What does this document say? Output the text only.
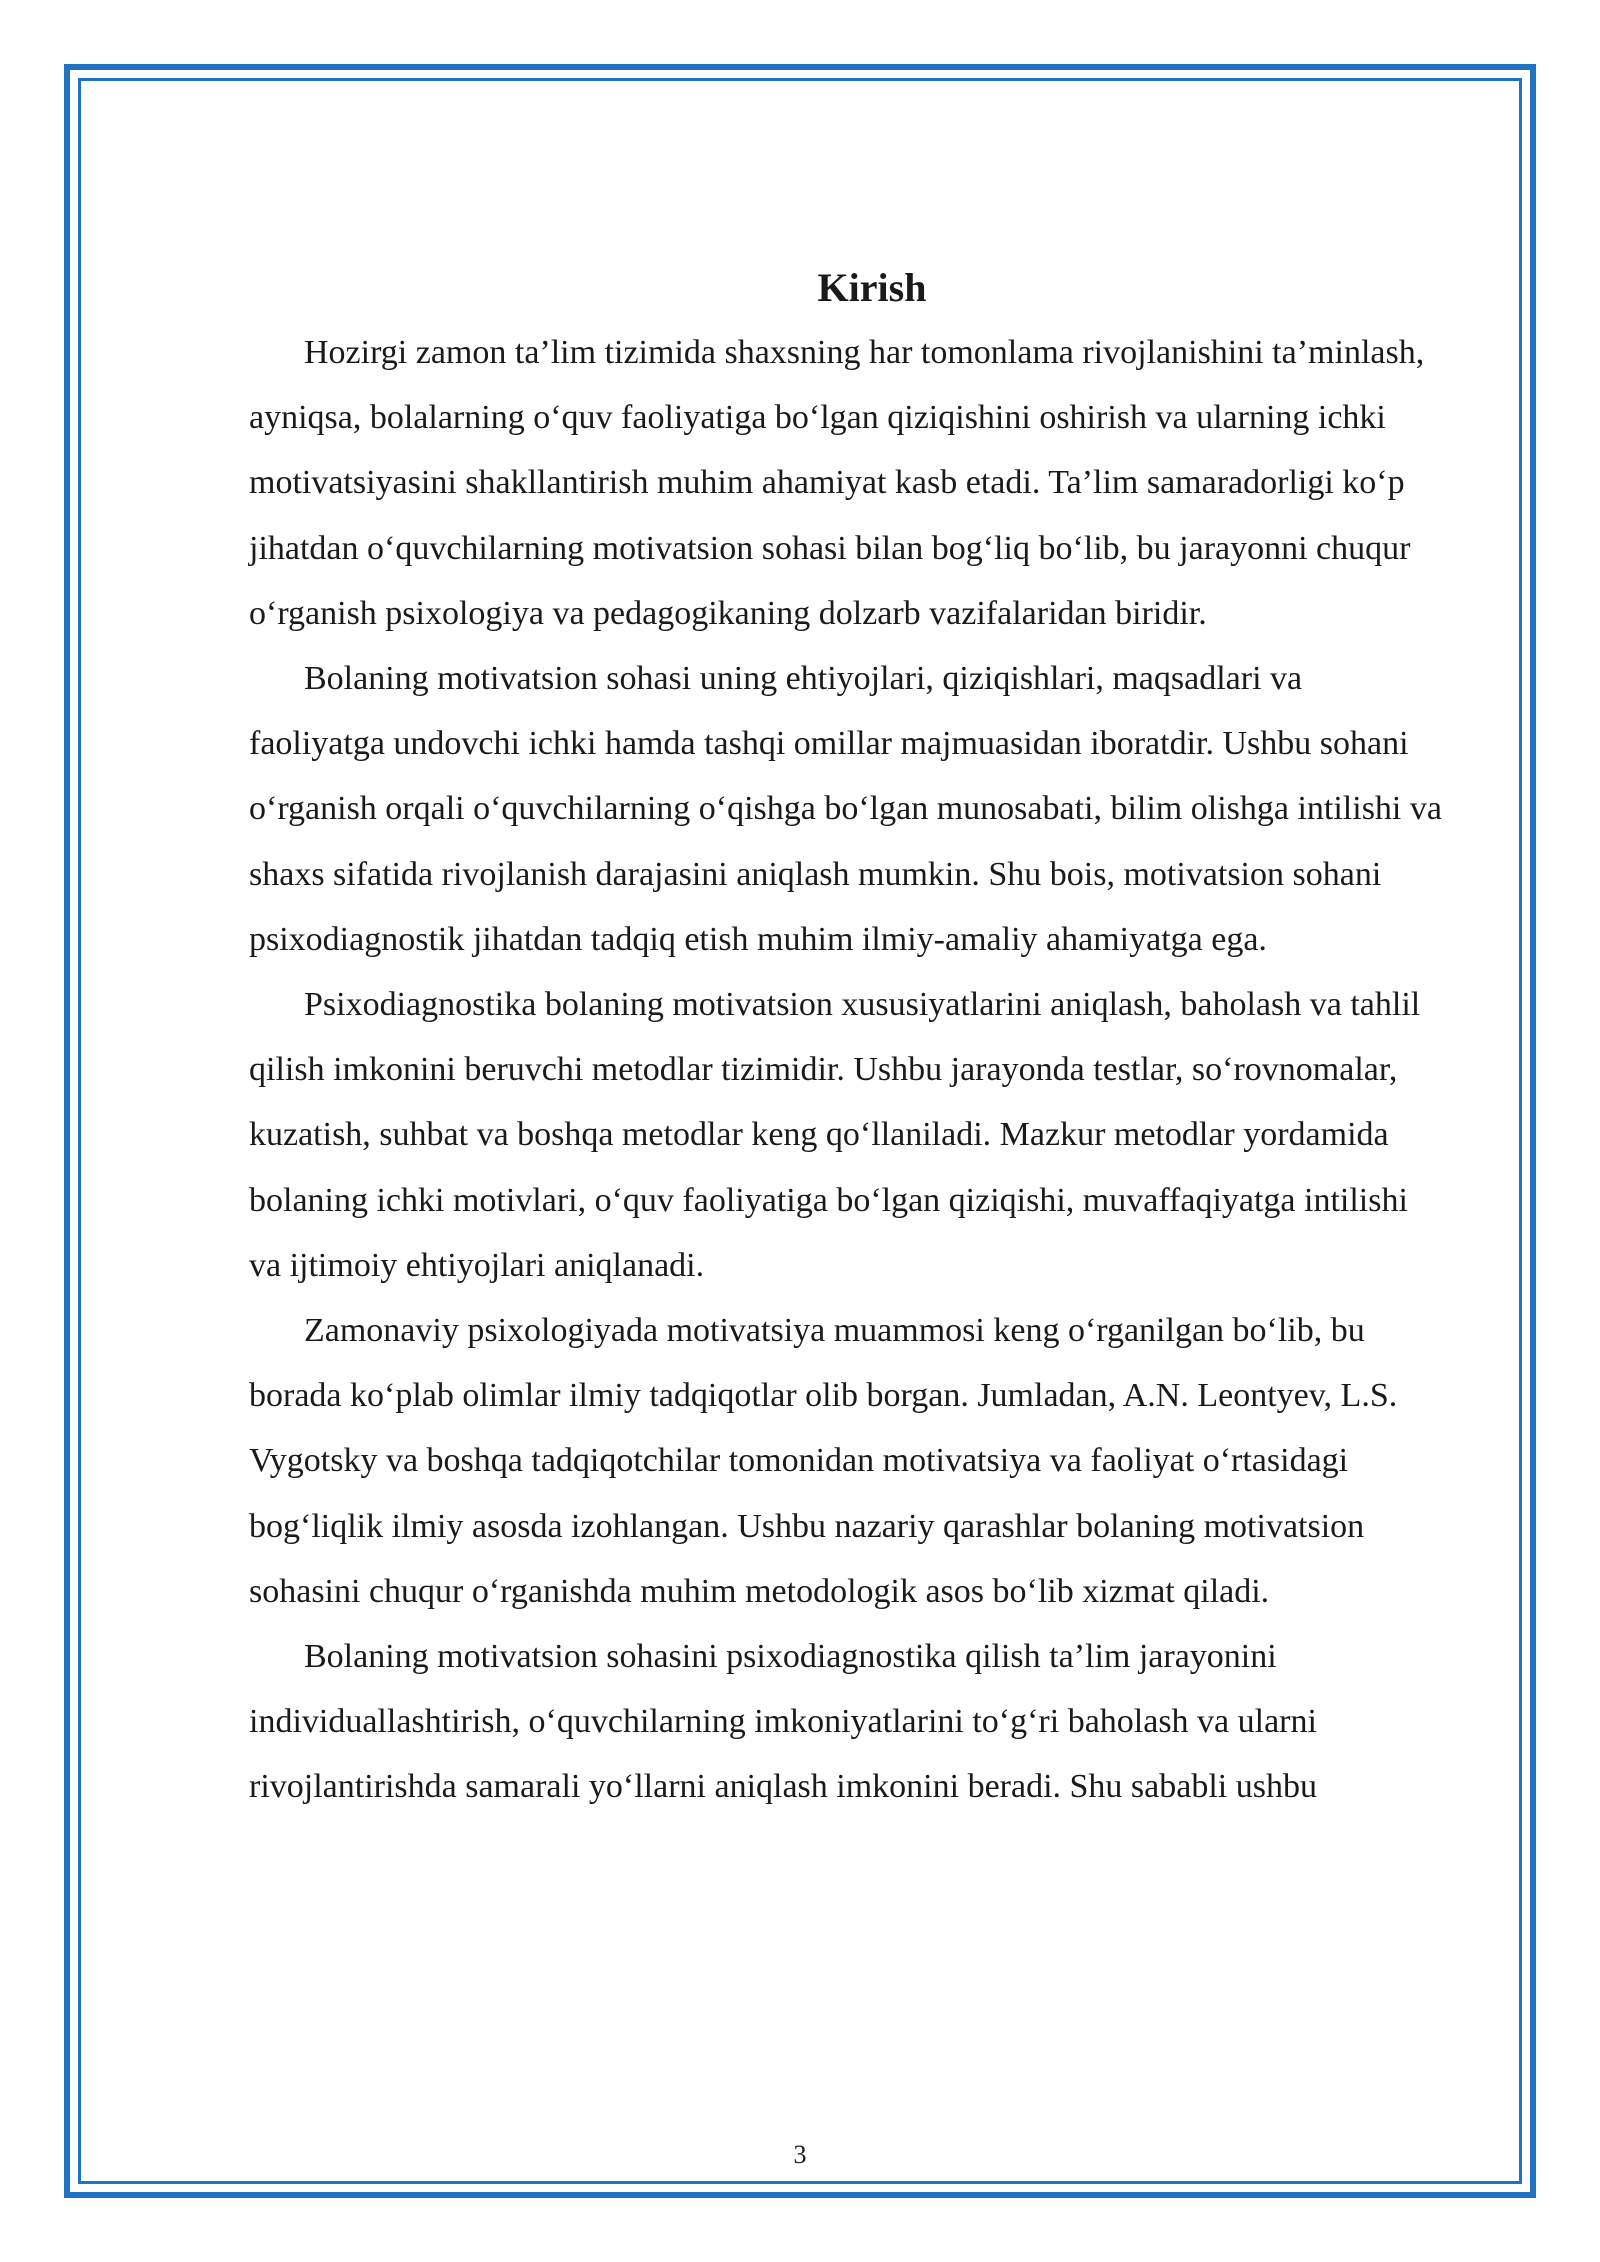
Kirish

Hozirgi zamon ta’lim tizimida shaxsning har tomonlama rivojlanishini ta’minlash, ayniqsa, bolalarning o‘quv faoliyatiga bo‘lgan qiziqishini oshirish va ularning ichki motivatsiyasini shakllantirish muhim ahamiyat kasb etadi. Ta’lim samaradorligi ko‘p jihatdan o‘quvchilarning motivatsion sohasi bilan bog‘liq bo‘lib, bu jarayonni chuqur o‘rganish psixologiya va pedagogikaning dolzarb vazifalaridan biridir.

Bolaning motivatsion sohasi uning ehtiyojlari, qiziqishlari, maqsadlari va faoliyatga undovchi ichki hamda tashqi omillar majmuasidan iboratdir. Ushbu sohani o‘rganish orqali o‘quvchilarning o‘qishga bo‘lgan munosabati, bilim olishga intilishi va shaxs sifatida rivojlanish darajasini aniqlash mumkin. Shu bois, motivatsion sohani psixodiagnostik jihatdan tadqiq etish muhim ilmiy-amaliy ahamiyatga ega.

Psixodiagnostika bolaning motivatsion xususiyatlarini aniqlash, baholash va tahlil qilish imkonini beruvchi metodlar tizimidir. Ushbu jarayonda testlar, so‘rovnomalar, kuzatish, suhbat va boshqa metodlar keng qo‘llaniladi. Mazkur metodlar yordamida bolaning ichki motivlari, o‘quv faoliyatiga bo‘lgan qiziqishi, muvaffaqiyatga intilishi va ijtimoiy ehtiyojlari aniqlanadi.

Zamonaviy psixologiyada motivatsiya muammosi keng o‘rganilgan bo‘lib, bu borada ko‘plab olimlar ilmiy tadqiqotlar olib borgan. Jumladan, A.N. Leontyev, L.S. Vygotsky va boshqa tadqiqotchilar tomonidan motivatsiya va faoliyat o‘rtasidagi bog‘liqlik ilmiy asosda izohlangan. Ushbu nazariy qarashlar bolaning motivatsion sohasini chuqur o‘rganishda muhim metodologik asos bo‘lib xizmat qiladi.

Bolaning motivatsion sohasini psixodiagnostika qilish ta’lim jarayonini individuallashtirish, o‘quvchilarning imkoniyatlarini to‘g‘ri baholash va ularni rivojlantirishda samarali yo‘llarni aniqlash imkonini beradi. Shu sababli ushbu

3
